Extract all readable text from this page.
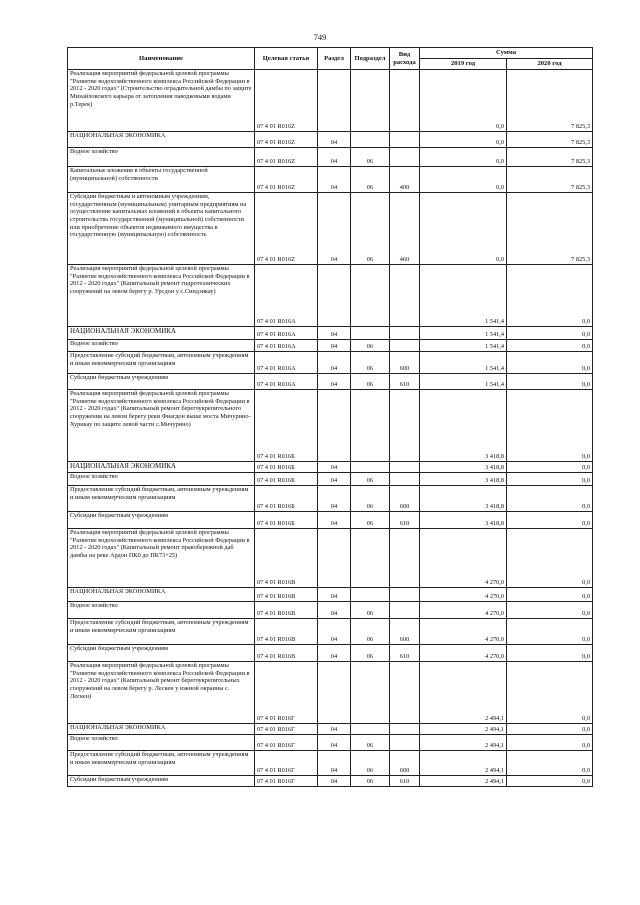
749
Наименование	Целевая статья	Раздел	Подраздел	Вид расхода	Сумма	
					2019 год	2020 год
Реализация мероприятий федеральной целевой программы "Развитие водохозяйственного комплекса Российской Федерации в 2012 - 2020 годах" (Строительство оградительной дамбы по защите Михайловского карьера от затопления паводковыми водами р.Терек)	07 4 01 R016Z				0,0	7 825,3
НАЦИОНАЛЬНАЯ ЭКОНОМИКА	07 4 01 R016Z	04			0,0	7 825,3
Водное хозяйство	07 4 01 R016Z	04	06		0,0	7 825,3
Капитальные вложения в объекты государственной (муниципальной) собственности	07 4 01 R016Z	04	06	400	0,0	7 825,3
Субсидии бюджетным и автономным учреждениям, государственным (муниципальным) унитарным предприятиям на осуществление капитальных вложений в объекты капитального строительства государственной (муниципальной) собственности или приобретение объектов недвижимого имущества в государственную (муниципальную) собственность	07 4 01 R016Z	04	06	460	0,0	7 825,3
Реализация мероприятий федеральной целевой программы "Развитие водохозяйственного комплекса Российской Федерации в 2012 - 2020 годах" (Капитальный ремонт гидротехнических сооружений на левом берегу р. Урсдон у с.Синдзикау)	07 4 01 R016А				1 541,4	0,0
НАЦИОНАЛЬНАЯ ЭКОНОМИКА	07 4 01 R016А	04			1 541,4	0,0
Водное хозяйство	07 4 01 R016А	04	06		1 541,4	0,0
Предоставление субсидий бюджетным, автономным учреждениям и иным некоммерческим организациям	07 4 01 R016А	04	06	600	1 541,4	0,0
Субсидии бюджетным учреждениям	07 4 01 R016А	04	06	610	1 541,4	0,0
Реализация мероприятий федеральной целевой программы "Развитие водохозяйственного комплекса Российской Федерации в 2012 - 2020 годах" (Капитальный ремонт берегоукрепительного сооружения на левом берегу реки Фиагдон выше моста Мичурино-Хурикау по защите левой части с.Мичурино)	07 4 01 R016Б				3 418,8	0,0
НАЦИОНАЛЬНАЯ ЭКОНОМИКА	07 4 01 R016Б	04			3 418,8	0,0
Водное хозяйство	07 4 01 R016Б	04	06		3 418,8	0,0
Предоставление субсидий бюджетным, автономным учреждениям и иным некоммерческим организациям	07 4 01 R016Б	04	06	600	3 418,8	0,0
Субсидии бюджетным учреждениям	07 4 01 R016Б	04	06	610	3 418,8	0,0
Реализация мероприятий федеральной целевой программы "Развитие водохозяйственного комплекса Российской Федерации в 2012 - 2020 годах" (Капитальный ремонт правобережной даб дамбы на реке Ардон ПК0 до ПК73+25)	07 4 01 R016В				4 270,0	0,0
НАЦИОНАЛЬНАЯ ЭКОНОМИКА	07 4 01 R016В	04			4 270,0	0,0
Водное хозяйство	07 4 01 R016В	04	06		4 270,0	0,0
Предоставление субсидий бюджетным, автономным учреждениям и иным некоммерческим организациям	07 4 01 R016В	04	06	600	4 270,0	0,0
Субсидии бюджетным учреждениям	07 4 01 R016В	04	06	610	4 270,0	0,0
Реализация мероприятий федеральной целевой программы "Развитие водохозяйственного комплекса Российской Федерации в 2012 - 2020 годах" (Капитальный ремонт берегоукрепительных сооружений на левом берегу р. Лескен у южной окраины с. Лескен)	07 4 01 R016Г				2 494,1	0,0
НАЦИОНАЛЬНАЯ ЭКОНОМИКА	07 4 01 R016Г	04			2 494,1	0,0
Водное хозяйство	07 4 01 R016Г	04	06		2 494,1	0,0
Предоставление субсидий бюджетным, автономным учреждениям и иным некоммерческим организациям	07 4 01 R016Г	04	06	600	2 494,1	0,0
Субсидии бюджетным учреждениям	07 4 01 R016Г	04	06	610	2 494,1	0,0
